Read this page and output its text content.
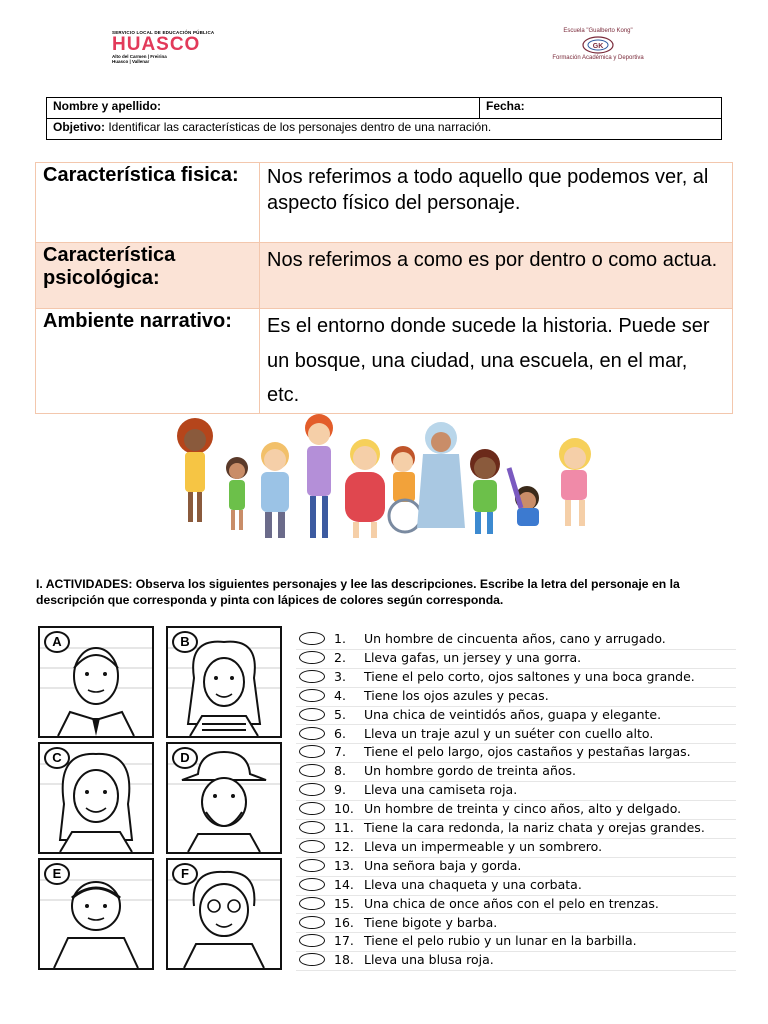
SERVICIO LOCAL DE EDUCACIÓN PÚBLICA
HUASCO
Alto del Carmen | Freirina
Huasco | Vallenar
Escuela "Gualberto Kong"
GK
Formación Académica y Deportiva
Nombre y apellido:	Fecha:
Objetivo: Identificar las características de los personajes dentro de una narración.
Característica fisica:	Nos referimos a todo aquello que podemos ver, al aspecto físico del personaje.
Característica psicológica:	Nos referimos a como es por dentro o como actua.
Ambiente narrativo:	Es el entorno donde sucede la historia. Puede ser un bosque, una ciudad, una escuela, en el mar, etc.
I. ACTIVIDADES: Observa los siguientes personajes y lee las descripciones. Escribe la letra del personaje en la descripción que corresponda y pinta con lápices de colores según corresponda.
A	B
C	D
E	F
1. Un hombre de cincuenta años, cano y arrugado.
2. Lleva gafas, un jersey y una gorra.
3. Tiene el pelo corto, ojos saltones y una boca grande.
4. Tiene los ojos azules y pecas.
5. Una chica de veintidós años, guapa y elegante.
6. Lleva un traje azul y un suéter con cuello alto.
7. Tiene el pelo largo, ojos castaños y pestañas largas.
8. Un hombre gordo de treinta años.
9. Lleva una camiseta roja.
10. Un hombre de treinta y cinco años, alto y delgado.
11. Tiene la cara redonda, la nariz chata y orejas grandes.
12. Lleva un impermeable y un sombrero.
13. Una señora baja y gorda.
14. Lleva una chaqueta y una corbata.
15. Una chica de once años con el pelo en trenzas.
16. Tiene bigote y barba.
17. Tiene el pelo rubio y un lunar en la barbilla.
18. Lleva una blusa roja.
